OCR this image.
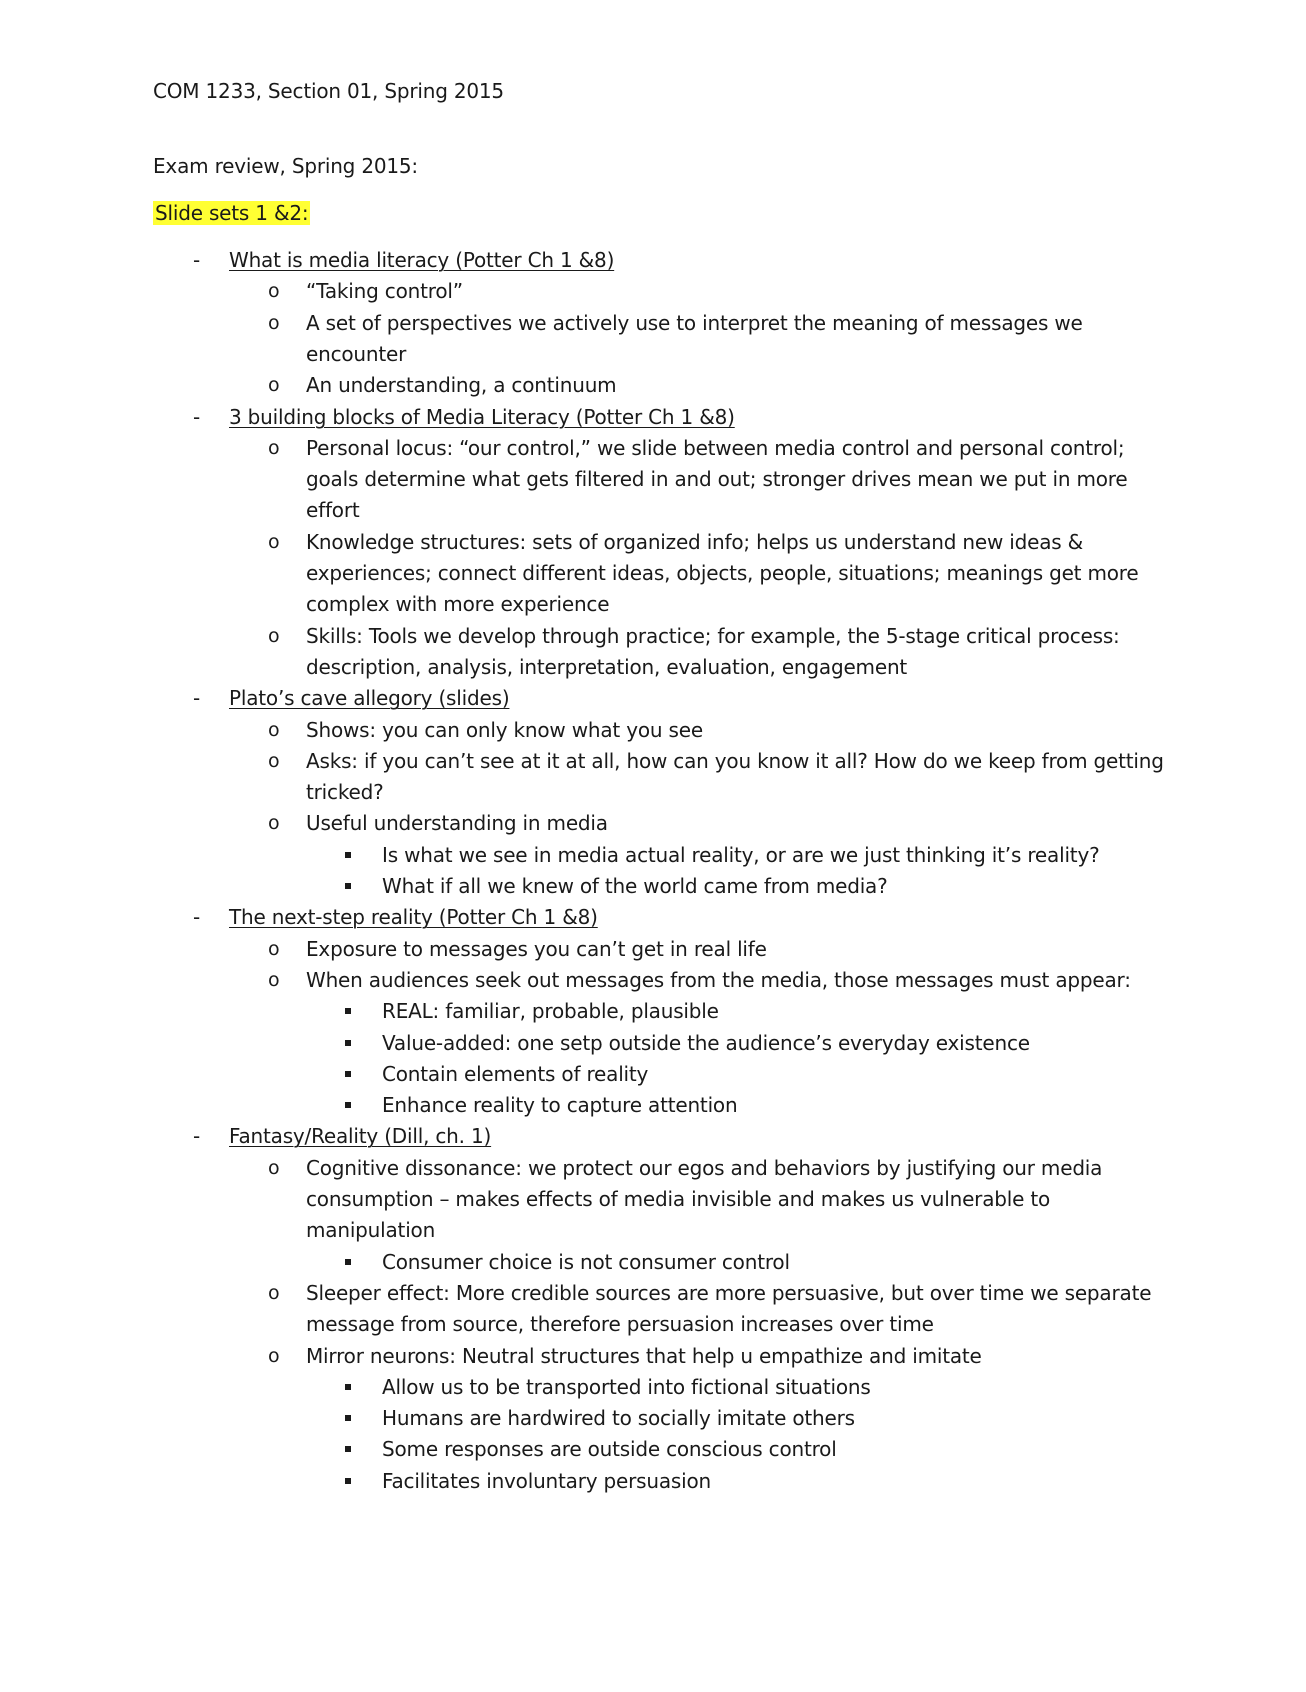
COM 1233, Section 01, Spring 2015
Exam review, Spring 2015:
Slide sets 1 &2:
- What is media literacy (Potter Ch 1 &8)
o “Taking control”
o A set of perspectives we actively use to interpret the meaning of messages we
encounter
o An understanding, a continuum
- 3 building blocks of Media Literacy (Potter Ch 1 &8)
o Personal locus: “our control,” we slide between media control and personal control;
goals determine what gets filtered in and out; stronger drives mean we put in more
effort
o Knowledge structures: sets of organized info; helps us understand new ideas &
experiences; connect different ideas, objects, people, situations; meanings get more
complex with more experience
o Skills: Tools we develop through practice; for example, the 5-stage critical process:
description, analysis, interpretation, evaluation, engagement
- Plato’s cave allegory (slides)
o Shows: you can only know what you see
o Asks: if you can’t see at it at all, how can you know it all? How do we keep from getting
tricked?
o Useful understanding in media
Is what we see in media actual reality, or are we just thinking it’s reality?
What if all we knew of the world came from media?
- The next-step reality (Potter Ch 1 &8)
o Exposure to messages you can’t get in real life
o When audiences seek out messages from the media, those messages must appear:
REAL: familiar, probable, plausible
Value-added: one setp outside the audience’s everyday existence
Contain elements of reality
Enhance reality to capture attention
- Fantasy/Reality (Dill, ch. 1)
o Cognitive dissonance: we protect our egos and behaviors by justifying our media
consumption – makes effects of media invisible and makes us vulnerable to
manipulation
Consumer choice is not consumer control
o Sleeper effect: More credible sources are more persuasive, but over time we separate
message from source, therefore persuasion increases over time
o Mirror neurons: Neutral structures that help u empathize and imitate
Allow us to be transported into fictional situations
Humans are hardwired to socially imitate others
Some responses are outside conscious control
Facilitates involuntary persuasion
